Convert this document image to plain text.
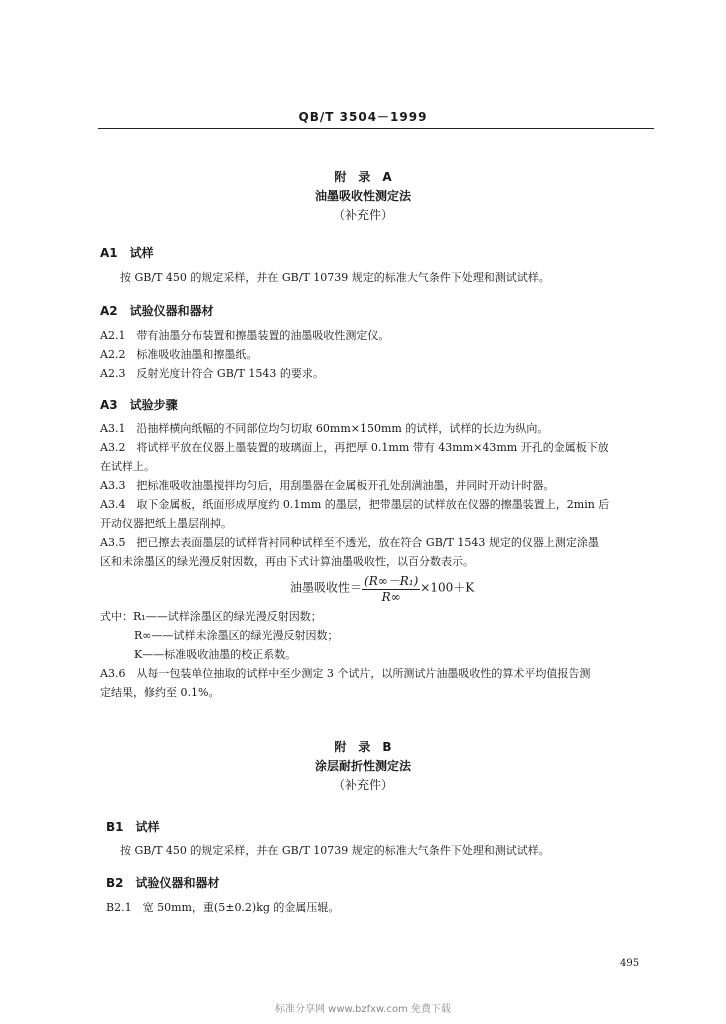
QB/T 3504－1999
附　录　A
油墨吸收性测定法
（补充件）
A1　试样
按 GB/T 450 的规定采样，并在 GB/T 10739 规定的标准大气条件下处理和测试试样。
A2　试验仪器和器材
A2.1　带有油墨分布装置和擦墨装置的油墨吸收性测定仪。
A2.2　标准吸收油墨和擦墨纸。
A2.3　反射光度计符合 GB/T 1543 的要求。
A3　试验步骤
A3.1　沿抽样横向纸幅的不同部位均匀切取 60mm×150mm 的试样，试样的长边为纵向。
A3.2　将试样平放在仪器上墨装置的玻璃面上，再把厚 0.1mm 带有 43mm×43mm 开孔的金属板下放
在试样上。
A3.3　把标准吸收油墨搅拌均匀后，用刮墨器在金属板开孔处刮满油墨，并同时开动计时器。
A3.4　取下金属板，纸面形成厚度约 0.1mm 的墨层，把带墨层的试样放在仪器的擦墨装置上，2min 后
开动仪器把纸上墨层削掉。
A3.5　把已擦去表面墨层的试样背衬同种试样至不透光，放在符合 GB/T 1543 规定的仪器上测定涂墨
区和未涂墨区的绿光漫反射因数，再由下式计算油墨吸收性，以百分数表示。
油墨吸收性＝ $\frac{\text{(R∞－R₁)}}{R\infty} \times 100+K$
式中：R₁——试样涂墨区的绿光漫反射因数；
R∞——试样未涂墨区的绿光漫反射因数；
K——标准吸收油墨的校正系数。
A3.6　从每一包装单位抽取的试样中至少测定 3 个试片，以所测试片油墨吸收性的算术平均值报告测
定结果，修约至 0.1%。
附　录　B
涂层耐折性测定法
（补充件）
B1　试样
按 GB/T 450 的规定采样，并在 GB/T 10739 规定的标准大气条件下处理和测试试样。
B2　试验仪器和器材
B2.1　宽 50mm，重(5±0.2)kg 的金属压辊。
495
标准分享网 www.bzfxw.com 免费下载
